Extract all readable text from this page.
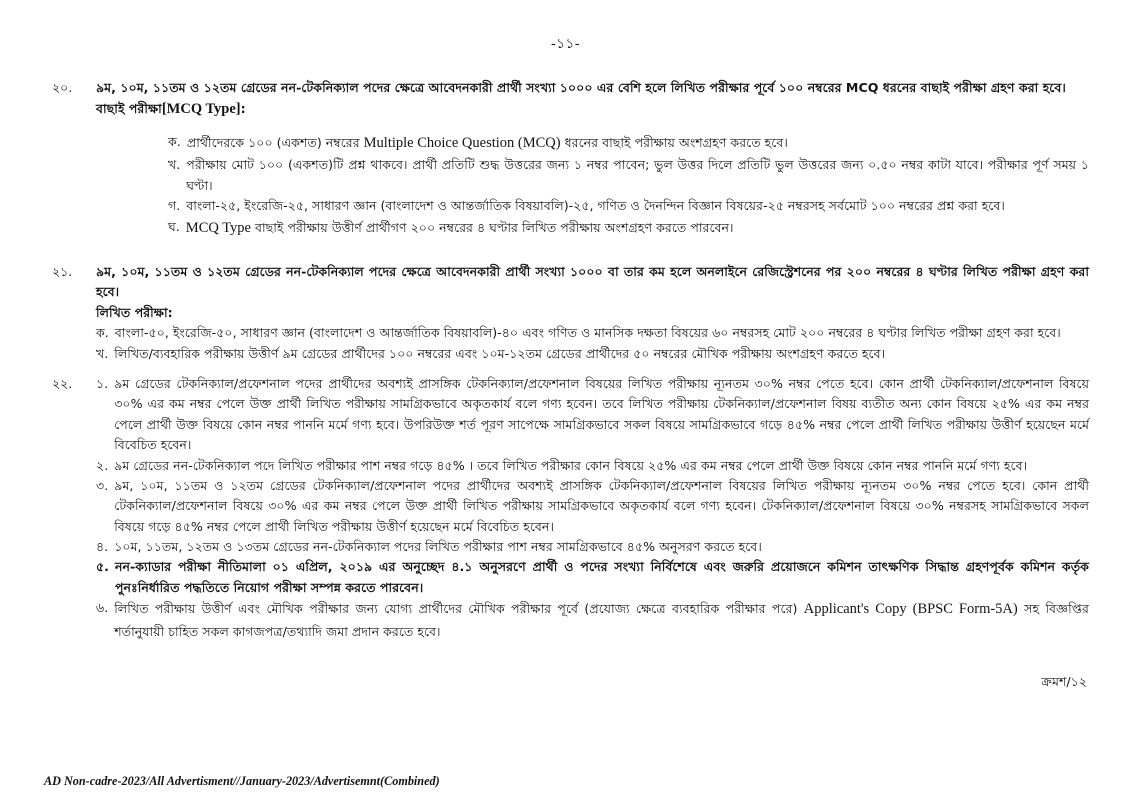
-১১-
২০.	৯ম, ১০ম, ১১তম ও ১২তম গ্রেডের নন-টেকনিক্যাল পদের ক্ষেত্রে আবেদনকারী প্রার্থী সংখ্যা ১০০০ এর বেশি হলে লিখিত পরীক্ষার পূর্বে ১০০ নম্বরের MCQ ধরনের বাছাই পরীক্ষা গ্রহণ করা হবে।

বাছাই পরীক্ষা[MCQ Type]:

ক. প্রার্থীদেরকে ১০০ (একশত) নম্বরের Multiple Choice Question (MCQ) ধরনের বাছাই পরীক্ষায় অংশগ্রহণ করতে হবে।

খ. পরীক্ষায় মোট ১০০ (একশত)টি প্রশ্ন থাকবে। প্রার্থী প্রতিটি শুদ্ধ উত্তরের জন্য ১ নম্বর পাবেন; ভুল উত্তর দিলে প্রতিটি ভুল উত্তরের জন্য ০.৫০ নম্বর কাটা যাবে। পরীক্ষার পূর্ণ সময় ১ ঘণ্টা।

গ. বাংলা-২৫, ইংরেজি-২৫, সাধারণ জ্ঞান (বাংলাদেশ ও আন্তর্জাতিক বিষয়াবলি)-২৫, গণিত ও দৈনন্দিন বিজ্ঞান বিষয়ের-২৫ নম্বরসহ সর্বমোট ১০০ নম্বরের প্রশ্ন করা হবে।

ঘ. MCQ Type বাছাই পরীক্ষায় উত্তীর্ণ প্রার্থীগণ ২০০ নম্বরের ৪ ঘণ্টার লিখিত পরীক্ষায় অংশগ্রহণ করতে পারবেন।

২১.	৯ম, ১০ম, ১১তম ও ১২তম গ্রেডের নন-টেকনিক্যাল পদের ক্ষেত্রে আবেদনকারী প্রার্থী সংখ্যা ১০০০ বা তার কম হলে অনলাইনে রেজিস্ট্রেশনের পর ২০০ নম্বরের ৪ ঘণ্টার লিখিত পরীক্ষা গ্রহণ করা হবে।

লিখিত পরীক্ষা:

ক. বাংলা-৫০, ইংরেজি-৫০, সাধারণ জ্ঞান (বাংলাদেশ ও আন্তর্জাতিক বিষয়াবলি)-৪০ এবং গণিত ও মানসিক দক্ষতা বিষয়ের ৬০ নম্বরসহ মোট ২০০ নম্বরের ৪ ঘণ্টার লিখিত পরীক্ষা গ্রহণ করা হবে।

খ. লিখিত/ব্যবহারিক পরীক্ষায় উত্তীর্ণ ৯ম গ্রেডের প্রার্থীদের ১০০ নম্বরের এবং ১০ম-১২তম গ্রেডের প্রার্থীদের ৫০ নম্বরের মৌখিক পরীক্ষায় অংশগ্রহণ করতে হবে।

২২.	১. ৯ম গ্রেডের টেকনিক্যাল/প্রফেশনাল পদের প্রার্থীদের অবশ্যই প্রাসঙ্গিক টেকনিক্যাল/প্রফেশনাল বিষয়ের লিখিত পরীক্ষায় ন্যূনতম ৩০% নম্বর পেতে হবে। কোন প্রার্থী টেকনিক্যাল/প্রফেশনাল বিষয়ে ৩০% এর কম নম্বর পেলে উক্ত প্রার্থী লিখিত পরীক্ষায় সামগ্রিকভাবে অকৃতকার্য বলে গণ্য হবেন। তবে লিখিত পরীক্ষায় টেকনিক্যাল/প্রফেশনাল বিষয় ব্যতীত অন্য কোন বিষয়ে ২৫% এর কম নম্বর পেলে প্রার্থী উক্ত বিষয়ে কোন নম্বর পাননি মর্মে গণ্য হবে। উপরিউক্ত শর্ত পূরণ সাপেক্ষে সামগ্রিকভাবে সকল বিষয়ে সামগ্রিকভাবে গড়ে ৪৫% নম্বর পেলে প্রার্থী লিখিত পরীক্ষায় উত্তীর্ণ হয়েছেন মর্মে বিবেচিত হবেন।

২. ৯ম গ্রেডের নন-টেকনিক্যাল পদে লিখিত পরীক্ষার পাশ নম্বর গড়ে ৪৫% । তবে লিখিত পরীক্ষার কোন বিষয়ে ২৫% এর কম নম্বর পেলে প্রার্থী উক্ত বিষয়ে কোন নম্বর পাননি মর্মে গণ্য হবে।

৩. ৯ম, ১০ম, ১১তম ও ১২তম গ্রেডের টেকনিক্যাল/প্রফেশনাল পদের প্রার্থীদের অবশ্যই প্রাসঙ্গিক টেকনিক্যাল/প্রফেশনাল বিষয়ের লিখিত পরীক্ষায় ন্যূনতম ৩০% নম্বর পেতে হবে। কোন প্রার্থী টেকনিক্যাল/প্রফেশনাল বিষয়ে ৩০% এর কম নম্বর পেলে উক্ত প্রার্থী লিখিত পরীক্ষায় সামগ্রিকভাবে অকৃতকার্য বলে গণ্য হবেন। টেকনিক্যাল/প্রফেশনাল বিষয়ে ৩০% নম্বরসহ সামগ্রিকভাবে সকল বিষয়ে গড়ে ৪৫% নম্বর পেলে প্রার্থী লিখিত পরীক্ষায় উত্তীর্ণ হয়েছেন মর্মে বিবেচিত হবেন।

৪. ১০ম, ১১তম, ১২তম ও ১৩তম গ্রেডের নন-টেকনিক্যাল পদের লিখিত পরীক্ষার পাশ নম্বর সামগ্রিকভাবে ৪৫% অনুসরণ করতে হবে।

৫. নন-ক্যাডার পরীক্ষা নীতিমালা ০১ এপ্রিল, ২০১৯ এর অনুচ্ছেদ ৪.১ অনুসরণে প্রার্থী ও পদের সংখ্যা নির্বিশেষে এবং জরুরি প্রয়োজনে কমিশন তাৎক্ষণিক সিদ্ধান্ত গ্রহণপূর্বক কমিশন কর্তৃক পুনঃনির্ধারিত পদ্ধতিতে নিয়োগ পরীক্ষা সম্পন্ন করতে পারবেন।

৬. লিখিত পরীক্ষায় উত্তীর্ণ এবং মৌখিক পরীক্ষার জন্য যোগ্য প্রার্থীদের মৌখিক পরীক্ষার পূর্বে (প্রযোজ্য ক্ষেত্রে ব্যবহারিক পরীক্ষার পরে) Applicant's Copy (BPSC Form-5A) সহ বিজ্ঞপ্তির শর্তানুযায়ী চাহিত সকল কাগজপত্র/তথ্যাদি জমা প্রদান করতে হবে।

ক্রমশ/১২
AD Non-cadre-2023/All Advertisment//January-2023/Advertisemnt(Combined)
